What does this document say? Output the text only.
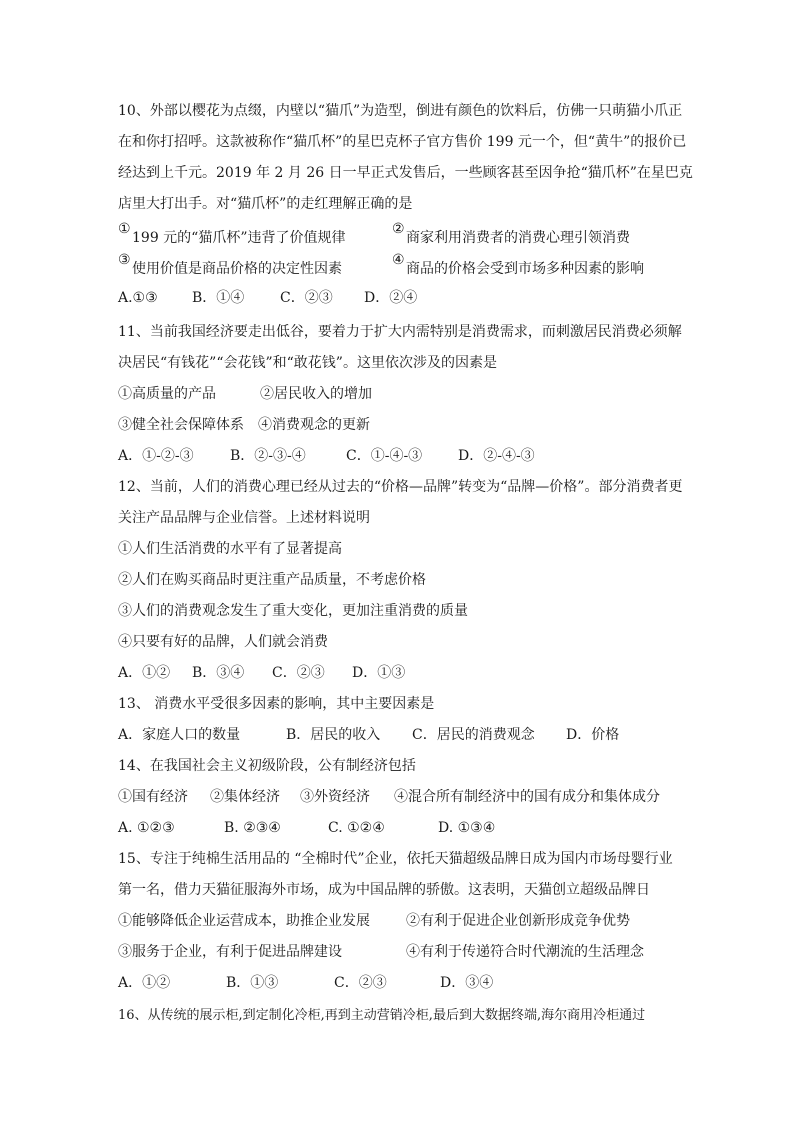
10、外部以樱花为点缀，内壁以“猫爪”为造型，倒进有颜色的饮料后，仿佛一只萌猫小爪正
在和你打招呼。这款被称作“猫爪杯”的星巴克杯子官方售价 199 元一个，但“黄牛”的报价已
经达到上千元。2019 年 2 月 26 日一早正式发售后，一些顾客甚至因争抢“猫爪杯”在星巴克
店里大打出手。对“猫爪杯”的走红理解正确的是
①
199 元的“猫爪杯”违背了价值规律
②
商家利用消费者的消费心理引领消费
③
使用价值是商品价格的决定性因素
④
商品的价格会受到市场多种因素的影响
A.①③ B．①④	C．②③ D．②④
11、当前我国经济要走出低谷，要着力于扩大内需特别是消费需求，而刺激居民消费必须解
决居民“有钱花”“会花钱”和“敢花钱”。这里依次涉及的因素是
①高质量的产品	②居民收入的增加
③健全社会保障体系 ④消费观念的更新
A．①-②-③	B．②-③-④	C．①-④-③	D．②-④-③
12、当前，人们的消费心理已经从过去的“价格—品牌”转变为“品牌—价格”。部分消费者更
关注产品品牌与企业信誉。上述材料说明
①人们生活消费的水平有了显著提高
②人们在购买商品时更注重产品质量，不考虑价格
③人们的消费观念发生了重大变化，更加注重消费的质量
④只要有好的品牌，人们就会消费
A．①② B．③④ C．②③ D．①③
13、 消费水平受很多因素的影响，其中主要因素是
A．家庭人口的数量	B．居民的收入 C．居民的消费观念 D．价格
14、在我国社会主义初级阶段，公有制经济包括
①国有经济 ②集体经济 ③外资经济 ④混合所有制经济中的国有成分和集体成分
A. ①②③	B. ②③④	C. ①②④	D. ①③④
15、专注于纯棉生活用品的 “全棉时代”企业，依托天猫超级品牌日成为国内市场母婴行业
第一名，借力天猫征服海外市场，成为中国品牌的骄傲。这表明，天猫创立超级品牌日
①能够降低企业运营成本，助推企业发展	②有利于促进企业创新形成竞争优势
③服务于企业，有利于促进品牌建设	④有利于传递符合时代潮流的生活理念
A．①②	B．①③	C．②③	D．③④
16、从传统的展示柜,到定制化冷柜,再到主动营销冷柜,最后到大数据终端,海尔商用冷柜通过
